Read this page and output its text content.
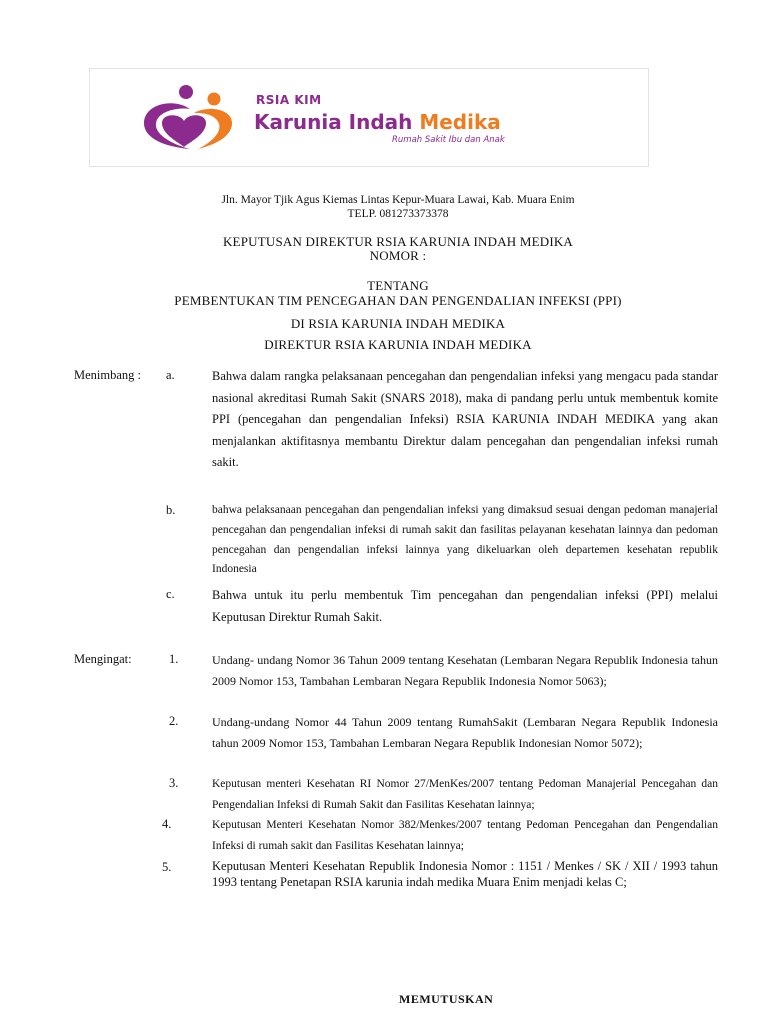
RSIA KIM
Karunia Indah Medika
Rumah Sakit Ibu dan Anak
Jln. Mayor Tjik Agus Kiemas Lintas Kepur-Muara Lawai, Kab. Muara Enim
TELP. 081273373378
KEPUTUSAN DIREKTUR RSIA KARUNIA INDAH MEDIKA
NOMOR :
TENTANG
PEMBENTUKAN TIM PENCEGAHAN DAN PENGENDALIAN INFEKSI (PPI)
DI RSIA KARUNIA INDAH MEDIKA
DIREKTUR RSIA KARUNIA INDAH MEDIKA
Menimbang : a.	Bahwa dalam rangka pelaksanaan pencegahan dan pengendalian infeksi yang mengacu pada standar nasional akreditasi Rumah Sakit (SNARS 2018), maka di pandang perlu untuk membentuk komite PPI (pencegahan dan pengendalian Infeksi) RSIA KARUNIA INDAH MEDIKA yang akan menjalankan aktifitasnya membantu Direktur dalam pencegahan dan pengendalian infeksi rumah sakit.
b.	bahwa pelaksanaan pencegahan dan pengendalian infeksi yang dimaksud sesuai dengan pedoman manajerial pencegahan dan pengendalian infeksi di rumah sakit dan fasilitas pelayanan kesehatan lainnya dan pedoman pencegahan dan pengendalian infeksi lainnya yang dikeluarkan oleh departemen kesehatan republik Indonesia
c.	Bahwa untuk itu perlu membentuk Tim pencegahan dan pengendalian infeksi (PPI) melalui Keputusan Direktur Rumah Sakit.
Mengingat:	1.	Undang- undang Nomor 36 Tahun 2009 tentang Kesehatan (Lembaran Negara Republik Indonesia tahun 2009 Nomor 153, Tambahan Lembaran Negara Republik Indonesia Nomor 5063);
2.	Undang-undang Nomor 44 Tahun 2009 tentang RumahSakit (Lembaran Negara Republik Indonesia tahun 2009 Nomor 153, Tambahan Lembaran Negara Republik Indonesian Nomor 5072);
3.	Keputusan menteri Kesehatan RI Nomor 27/MenKes/2007 tentang Pedoman Manajerial Pencegahan dan Pengendalian Infeksi di Rumah Sakit dan Fasilitas Kesehatan lainnya;
4.	Keputusan Menteri Kesehatan Nomor 382/Menkes/2007 tentang Pedoman Pencegahan dan Pengendalian Infeksi di rumah sakit dan Fasilitas Kesehatan lainnya;
5.	Keputusan Menteri Kesehatan Republik Indonesia Nomor : 1151 / Menkes / SK / XII / 1993 tahun 1993 tentang Penetapan RSIA karunia indah medika Muara Enim menjadi kelas C;
MEMUTUSKAN
